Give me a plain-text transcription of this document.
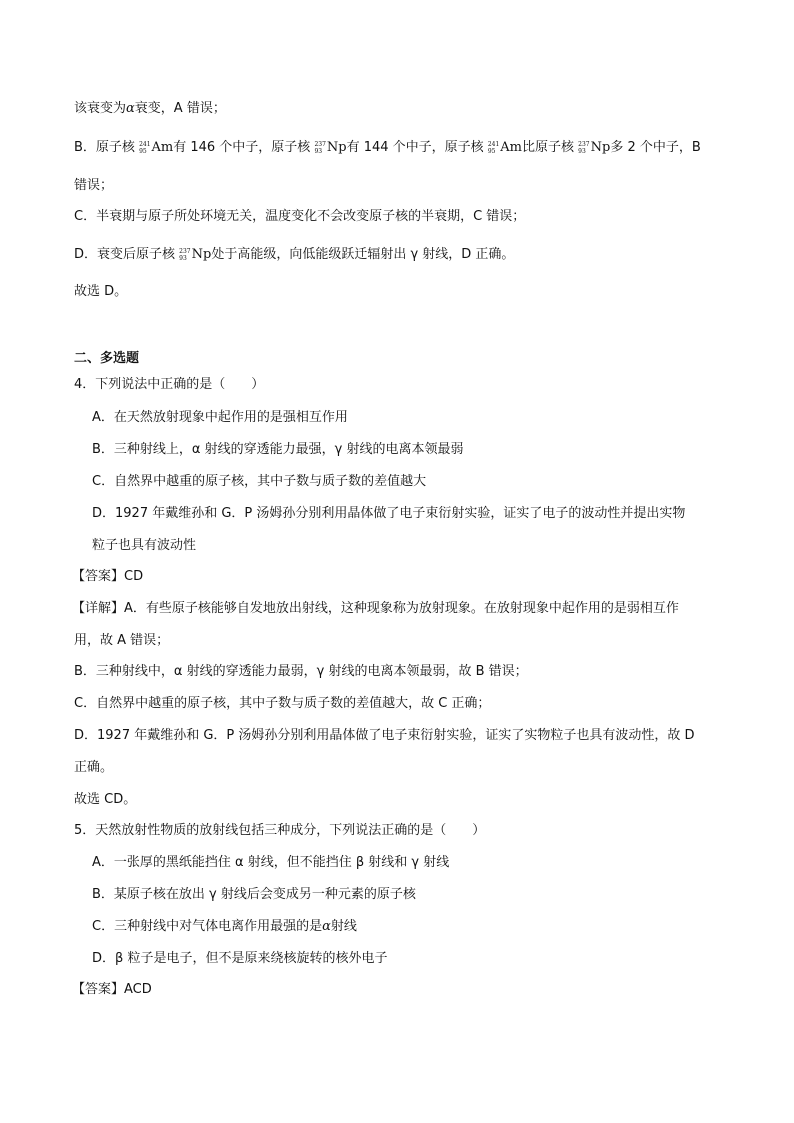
该衰变为α衰变，A 错误；
B．原子核 241
95 Am有 146 个中子，原子核 237
93 Np有 144 个中子，原子核 241
95 Am比原子核 237
93 Np多 2 个中子，B
错误；
C．半衰期与原子所处环境无关，温度变化不会改变原子核的半衰期，C 错误；
D．衰变后原子核 237
93 Np处于高能级，向低能级跃迁辐射出 γ 射线，D 正确。
故选 D。
二、多选题
4．下列说法中正确的是（　　）
A．在天然放射现象中起作用的是强相互作用
B．三种射线上，α 射线的穿透能力最强，γ 射线的电离本领最弱
C．自然界中越重的原子核，其中子数与质子数的差值越大
D．1927 年戴维孙和 G．P 汤姆孙分别利用晶体做了电子束衍射实验，证实了电子的波动性并提出实物
粒子也具有波动性
【答案】CD
【详解】A．有些原子核能够自发地放出射线，这种现象称为放射现象。在放射现象中起作用的是弱相互作
用，故 A 错误；
B．三种射线中，α 射线的穿透能力最弱，γ 射线的电离本领最弱，故 B 错误；
C．自然界中越重的原子核，其中子数与质子数的差值越大，故 C 正确；
D．1927 年戴维孙和 G．P 汤姆孙分别利用晶体做了电子束衍射实验，证实了实物粒子也具有波动性，故 D
正确。
故选 CD。
5．天然放射性物质的放射线包括三种成分，下列说法正确的是（　　）
A．一张厚的黑纸能挡住 α 射线，但不能挡住 β 射线和 γ 射线
B．某原子核在放出 γ 射线后会变成另一种元素的原子核
C．三种射线中对气体电离作用最强的是α射线
D．β 粒子是电子，但不是原来绕核旋转的核外电子
【答案】ACD
